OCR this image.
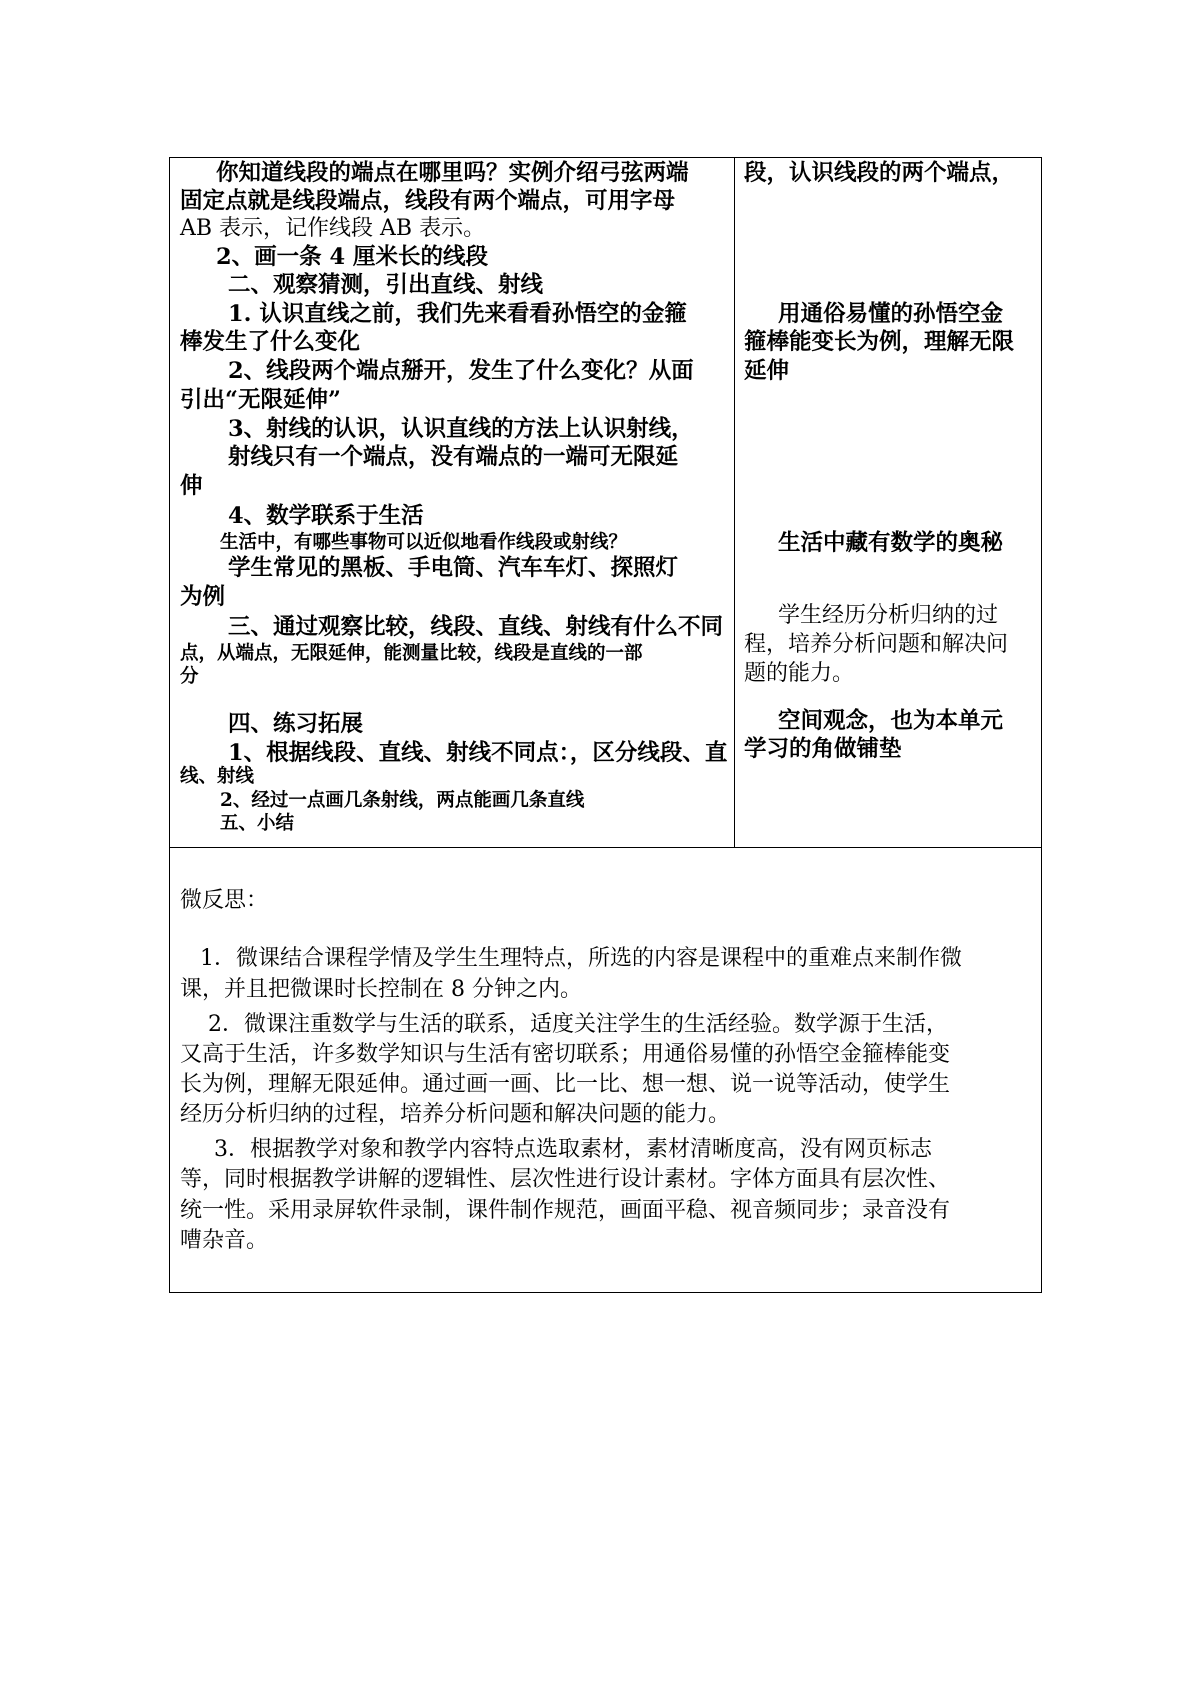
你知道线段的端点在哪里吗？实例介绍弓弦两端
固定点就是线段端点，线段有两个端点，可用字母
AB 表示，记作线段 AB 表示。
2、画一条 4 厘米长的线段
二、观察猜测，引出直线、射线
1. 认识直线之前，我们先来看看孙悟空的金箍
棒发生了什么变化
2、线段两个端点掰开，发生了什么变化？从面
引出“无限延伸”
3、射线的认识，认识直线的方法上认识射线，
射线只有一个端点，没有端点的一端可无限延
伸
4、数学联系于生活
生活中，有哪些事物可以近似地看作线段或射线？
学生常见的黑板、手电筒、汽车车灯、探照灯
为例
三、通过观察比较，线段、直线、射线有什么不同
点，从端点，无限延伸，能测量比较，线段是直线的一部
分
四、练习拓展
1、根据线段、直线、射线不同点：，区分线段、直
线、射线
2、经过一点画几条射线，两点能画几条直线
五、小结
段，认识线段的两个端点，
用通俗易懂的孙悟空金
箍棒能变长为例，理解无限
延伸
生活中藏有数学的奥秘
学生经历分析归纳的过
程，培养分析问题和解决问
题的能力。
空间观念，也为本单元
学习的角做铺垫
微反思：
1．微课结合课程学情及学生生理特点，所选的内容是课程中的重难点来制作微
课，并且把微课时长控制在 8 分钟之内。
2．微课注重数学与生活的联系，适度关注学生的生活经验。数学源于生活，
又高于生活，许多数学知识与生活有密切联系；用通俗易懂的孙悟空金箍棒能变
长为例，理解无限延伸。通过画一画、比一比、想一想、说一说等活动，使学生
经历分析归纳的过程，培养分析问题和解决问题的能力。
3．根据教学对象和教学内容特点选取素材，素材清晰度高，没有网页标志
等，同时根据教学讲解的逻辑性、层次性进行设计素材。字体方面具有层次性、
统一性。采用录屏软件录制，课件制作规范，画面平稳、视音频同步；录音没有
嘈杂音。
